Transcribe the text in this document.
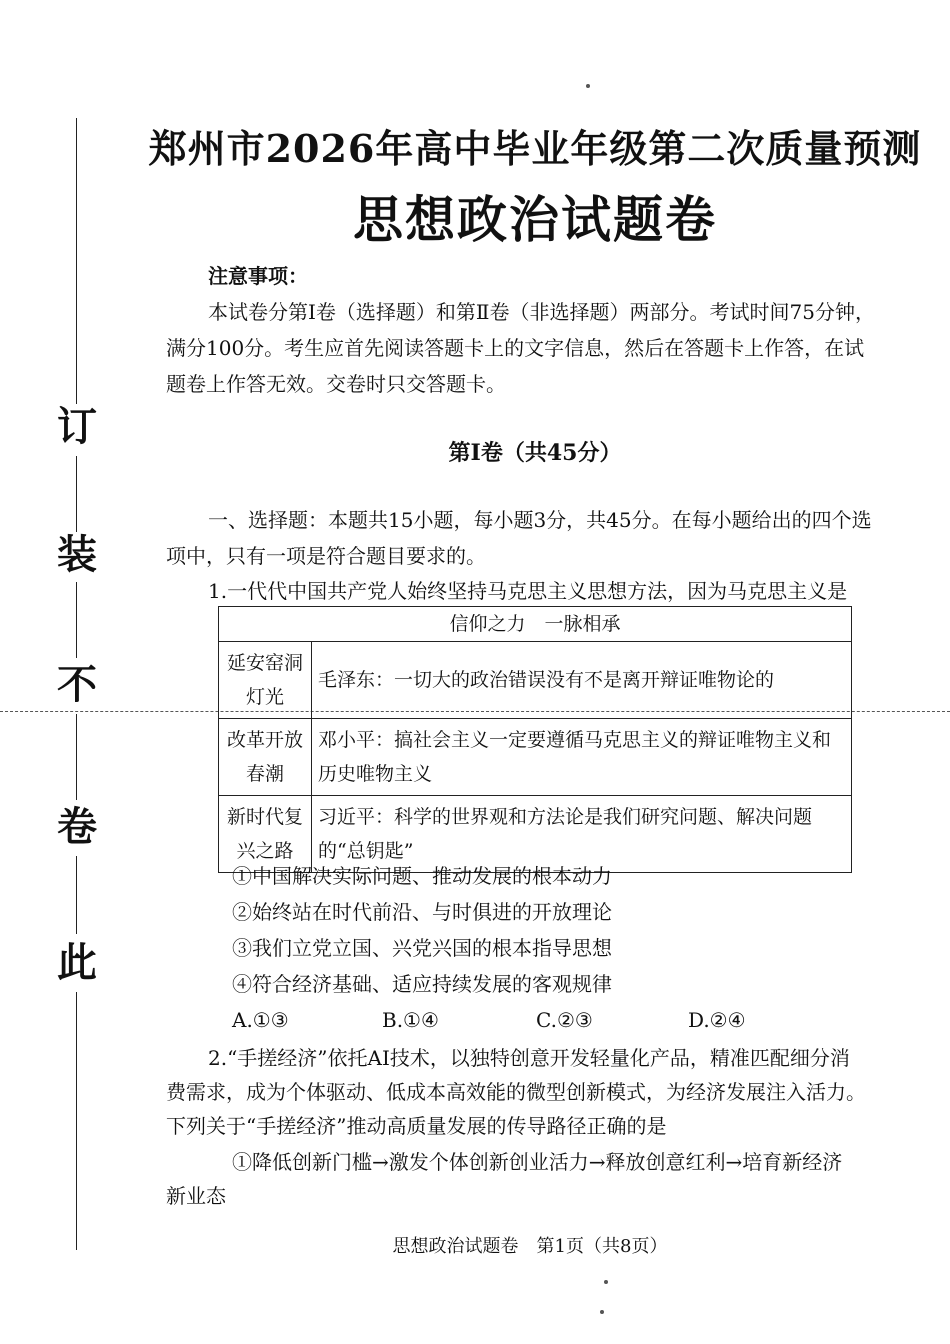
订
装
不
卷
此
郑州市2026年高中毕业年级第二次质量预测
思想政治试题卷
注意事项：
本试卷分第Ⅰ卷（选择题）和第Ⅱ卷（非选择题）两部分。考试时间75分钟，
满分100分。考生应首先阅读答题卡上的文字信息，然后在答题卡上作答，在试
题卷上作答无效。交卷时只交答题卡。
第Ⅰ卷（共45分）
一、选择题：本题共15小题，每小题3分，共45分。在每小题给出的四个选
项中，只有一项是符合题目要求的。
1.一代代中国共产党人始终坚持马克思主义思想方法，因为马克思主义是
信仰之力　一脉相承	
延安窑洞灯光	毛泽东：一切大的政治错误没有不是离开辩证唯物论的
改革开放春潮	邓小平：搞社会主义一定要遵循马克思主义的辩证唯物主义和历史唯物主义
新时代复兴之路	习近平：科学的世界观和方法论是我们研究问题、解决问题的“总钥匙”
①中国解决实际问题、推动发展的根本动力
②始终站在时代前沿、与时俱进的开放理论
③我们立党立国、兴党兴国的根本指导思想
④符合经济基础、适应持续发展的客观规律
A.①③	B.①④	C.②③	D.②④
2.“手搓经济”依托AI技术，以独特创意开发轻量化产品，精准匹配细分消
费需求，成为个体驱动、低成本高效能的微型创新模式，为经济发展注入活力。
下列关于“手搓经济”推动高质量发展的传导路径正确的是
①降低创新门槛→激发个体创新创业活力→释放创意红利→培育新经济
新业态
思想政治试题卷　第1页（共8页）
